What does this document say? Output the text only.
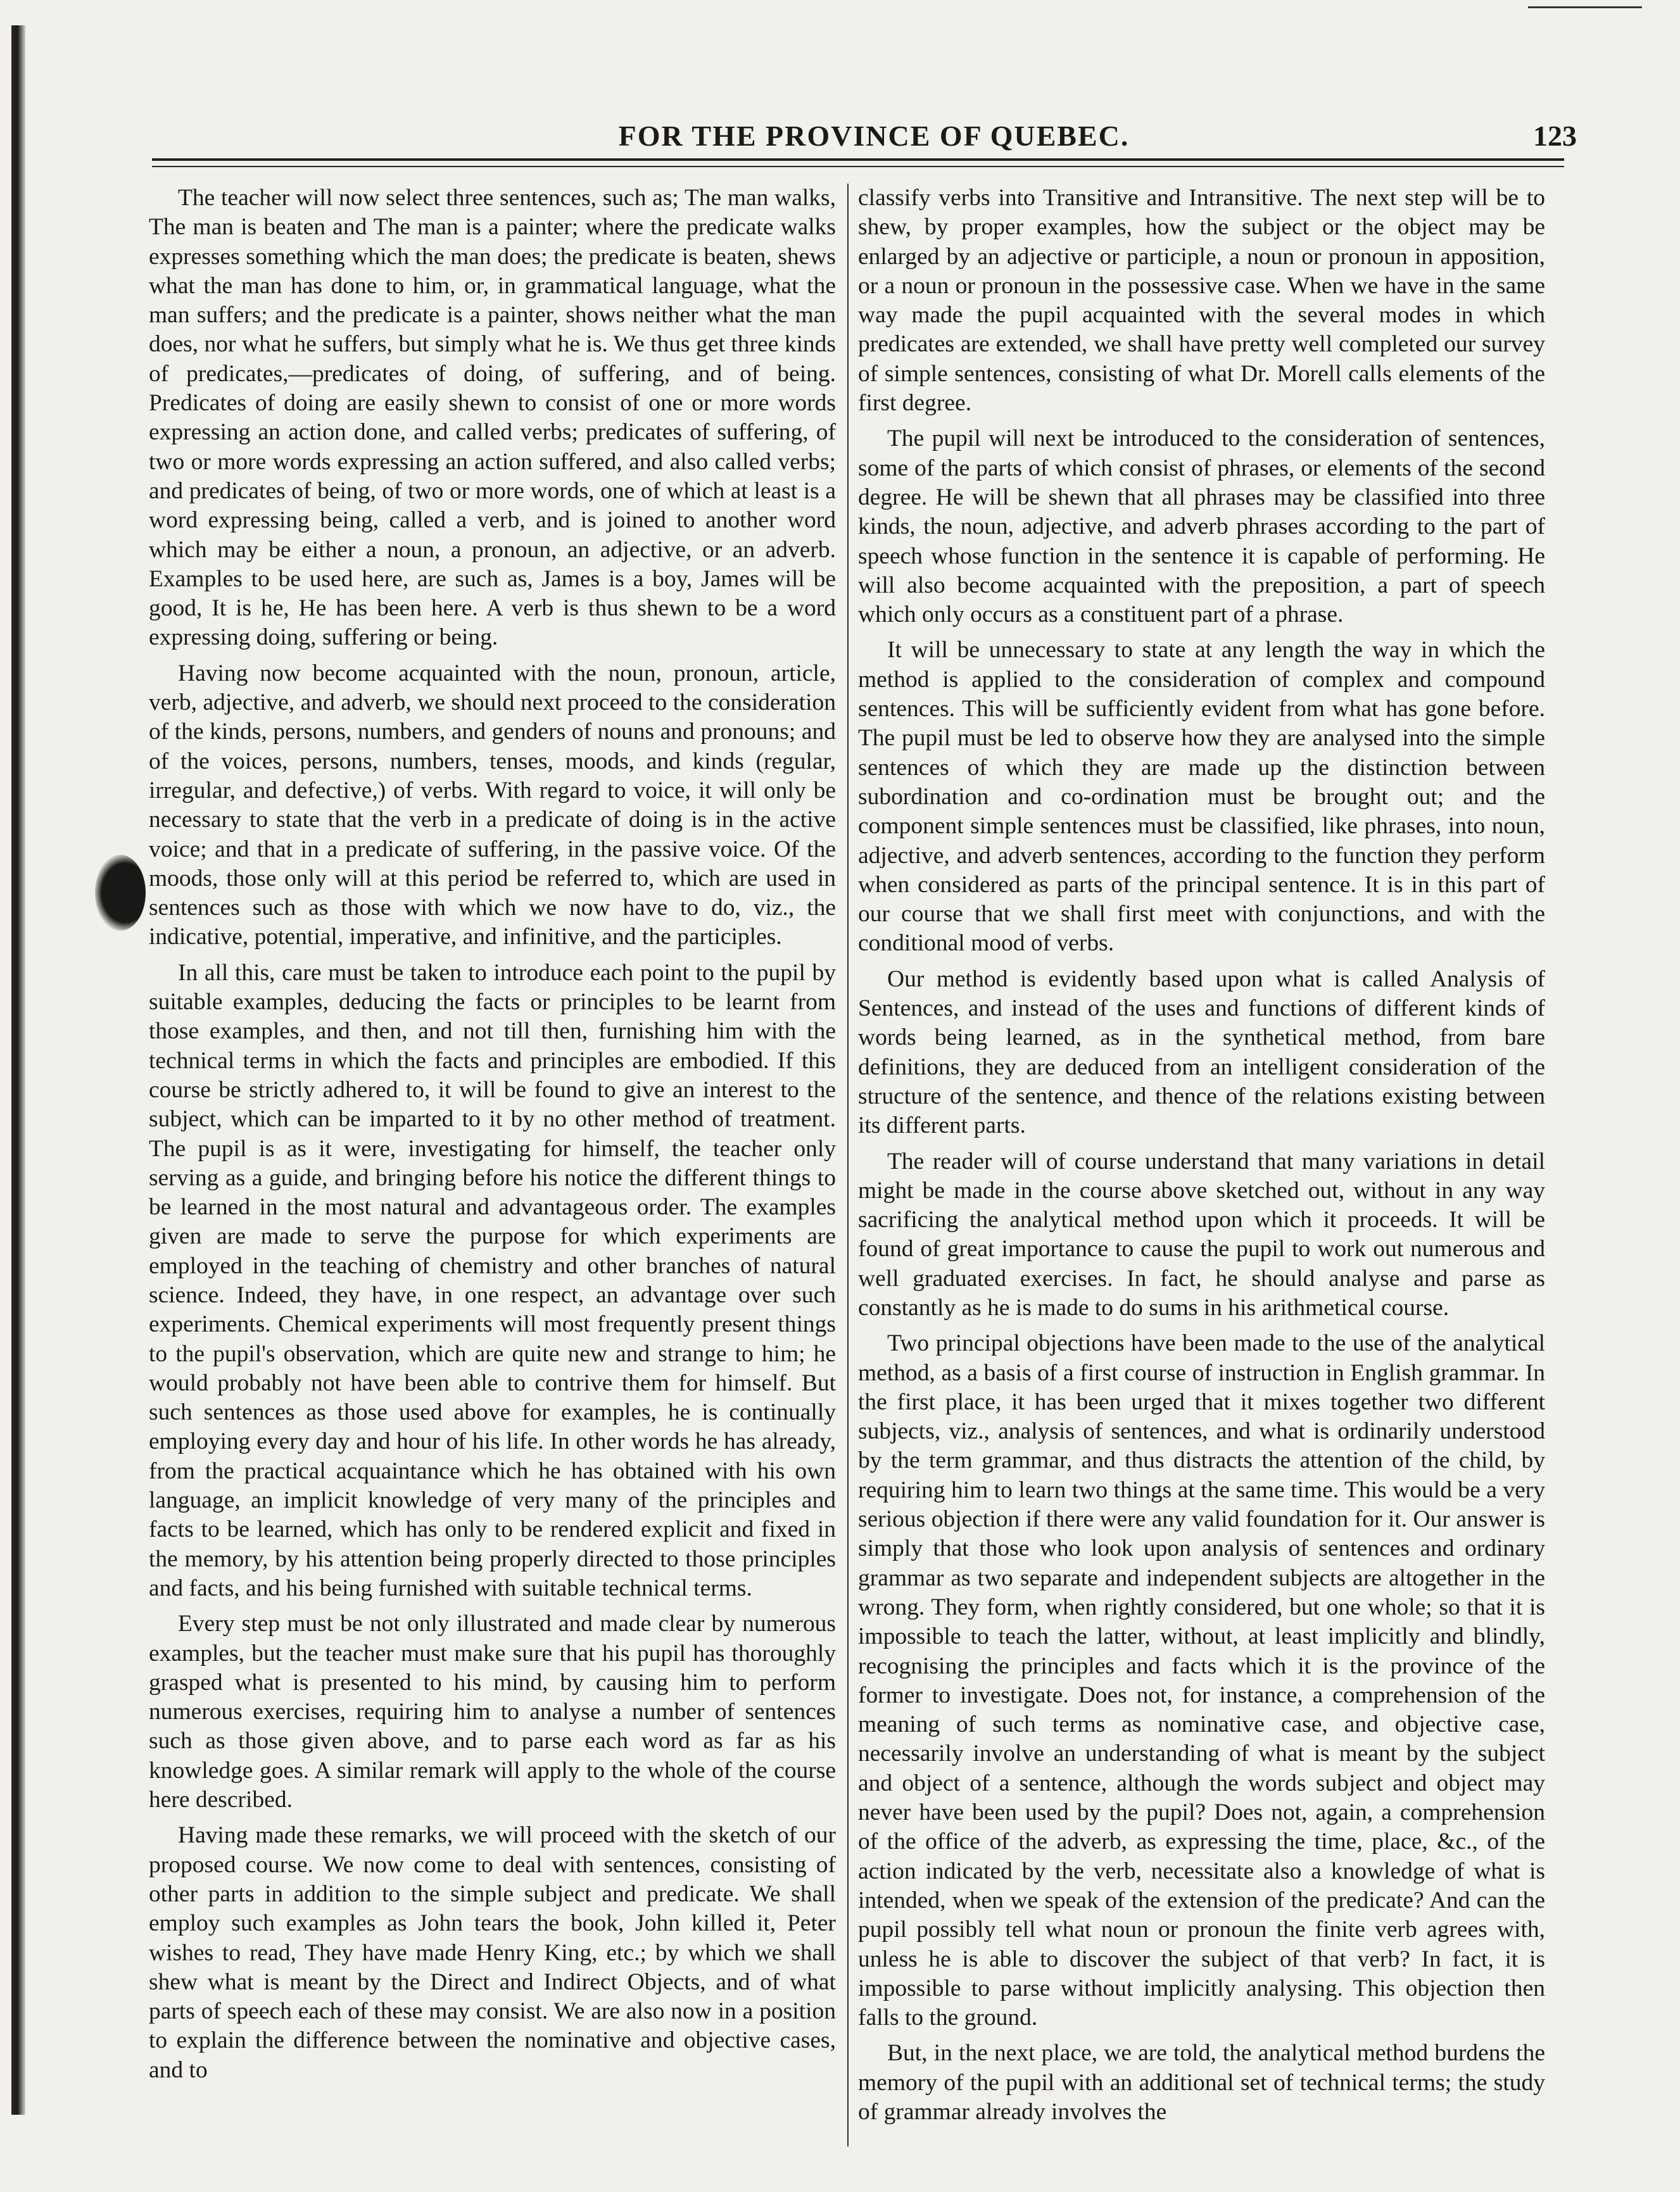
FOR THE PROVINCE OF QUEBEC.	123

The teacher will now select three sentences, such as; The man walks, The man is beaten and The man is a painter; where the predicate walks expresses something which the man does; the predicate is beaten, shews what the man has done to him, or, in grammatical language, what the man suffers; and the predicate is a painter, shows neither what the man does, nor what he suffers, but simply what he is. We thus get three kinds of predicates,—predicates of doing, of suffering, and of being. Predicates of doing are easily shewn to consist of one or more words expressing an action done, and called verbs; predicates of suffering, of two or more words expressing an action suffered, and also called verbs; and predicates of being, of two or more words, one of which at least is a word expressing being, called a verb, and is joined to another word which may be either a noun, a pronoun, an adjective, or an adverb. Examples to be used here, are such as, James is a boy, James will be good, It is he, He has been here. A verb is thus shewn to be a word expressing doing, suffering or being.

Having now become acquainted with the noun, pronoun, article, verb, adjective, and adverb, we should next proceed to the consideration of the kinds, persons, numbers, and genders of nouns and pronouns; and of the voices, persons, numbers, tenses, moods, and kinds (regular, irregular, and defective,) of verbs. With regard to voice, it will only be necessary to state that the verb in a predicate of doing is in the active voice; and that in a predicate of suffering, in the passive voice. Of the moods, those only will at this period be referred to, which are used in sentences such as those with which we now have to do, viz., the indicative, potential, imperative, and infinitive, and the participles.

In all this, care must be taken to introduce each point to the pupil by suitable examples, deducing the facts or principles to be learnt from those examples, and then, and not till then, furnishing him with the technical terms in which the facts and principles are embodied. If this course be strictly adhered to, it will be found to give an interest to the subject, which can be imparted to it by no other method of treatment. The pupil is as it were, investigating for himself, the teacher only serving as a guide, and bringing before his notice the different things to be learned in the most natural and advantageous order. The examples given are made to serve the purpose for which experiments are employed in the teaching of chemistry and other branches of natural science. Indeed, they have, in one respect, an advantage over such experiments. Chemical experiments will most frequently present things to the pupil's observation, which are quite new and strange to him; he would probably not have been able to contrive them for himself. But such sentences as those used above for examples, he is continually employing every day and hour of his life. In other words he has already, from the practical acquaintance which he has obtained with his own language, an implicit knowledge of very many of the principles and facts to be learned, which has only to be rendered explicit and fixed in the memory, by his attention being properly directed to those principles and facts, and his being furnished with suitable technical terms.

Every step must be not only illustrated and made clear by numerous examples, but the teacher must make sure that his pupil has thoroughly grasped what is presented to his mind, by causing him to perform numerous exercises, requiring him to analyse a number of sentences such as those given above, and to parse each word as far as his knowledge goes. A similar remark will apply to the whole of the course here described.

Having made these remarks, we will proceed with the sketch of our proposed course. We now come to deal with sentences, consisting of other parts in addition to the simple subject and predicate. We shall employ such examples as John tears the book, John killed it, Peter wishes to read, They have made Henry King, etc.; by which we shall shew what is meant by the Direct and Indirect Objects, and of what parts of speech each of these may consist. We are also now in a position to explain the difference between the nominative and objective cases, and to

classify verbs into Transitive and Intransitive. The next step will be to shew, by proper examples, how the subject or the object may be enlarged by an adjective or participle, a noun or pronoun in apposition, or a noun or pronoun in the possessive case. When we have in the same way made the pupil acquainted with the several modes in which predicates are extended, we shall have pretty well completed our survey of simple sentences, consisting of what Dr. Morell calls elements of the first degree.

The pupil will next be introduced to the consideration of sentences, some of the parts of which consist of phrases, or elements of the second degree. He will be shewn that all phrases may be classified into three kinds, the noun, adjective, and adverb phrases according to the part of speech whose function in the sentence it is capable of performing. He will also become acquainted with the preposition, a part of speech which only occurs as a constituent part of a phrase.

It will be unnecessary to state at any length the way in which the method is applied to the consideration of complex and compound sentences. This will be sufficiently evident from what has gone before. The pupil must be led to observe how they are analysed into the simple sentences of which they are made up the distinction between subordination and co-ordination must be brought out; and the component simple sentences must be classified, like phrases, into noun, adjective, and adverb sentences, according to the function they perform when considered as parts of the principal sentence. It is in this part of our course that we shall first meet with conjunctions, and with the conditional mood of verbs.

Our method is evidently based upon what is called Analysis of Sentences, and instead of the uses and functions of different kinds of words being learned, as in the synthetical method, from bare definitions, they are deduced from an intelligent consideration of the structure of the sentence, and thence of the relations existing between its different parts.

The reader will of course understand that many variations in detail might be made in the course above sketched out, without in any way sacrificing the analytical method upon which it proceeds. It will be found of great importance to cause the pupil to work out numerous and well graduated exercises. In fact, he should analyse and parse as constantly as he is made to do sums in his arithmetical course.

Two principal objections have been made to the use of the analytical method, as a basis of a first course of instruction in English grammar. In the first place, it has been urged that it mixes together two different subjects, viz., analysis of sentences, and what is ordinarily understood by the term grammar, and thus distracts the attention of the child, by requiring him to learn two things at the same time. This would be a very serious objection if there were any valid foundation for it. Our answer is simply that those who look upon analysis of sentences and ordinary grammar as two separate and independent subjects are altogether in the wrong. They form, when rightly considered, but one whole; so that it is impossible to teach the latter, without, at least implicitly and blindly, recognising the principles and facts which it is the province of the former to investigate. Does not, for instance, a comprehension of the meaning of such terms as nominative case, and objective case, necessarily involve an understanding of what is meant by the subject and object of a sentence, although the words subject and object may never have been used by the pupil? Does not, again, a comprehension of the office of the adverb, as expressing the time, place, &c., of the action indicated by the verb, necessitate also a knowledge of what is intended, when we speak of the extension of the predicate? And can the pupil possibly tell what noun or pronoun the finite verb agrees with, unless he is able to discover the subject of that verb? In fact, it is impossible to parse without implicitly analysing. This objection then falls to the ground.

But, in the next place, we are told, the analytical method burdens the memory of the pupil with an additional set of technical terms; the study of grammar already involves the
